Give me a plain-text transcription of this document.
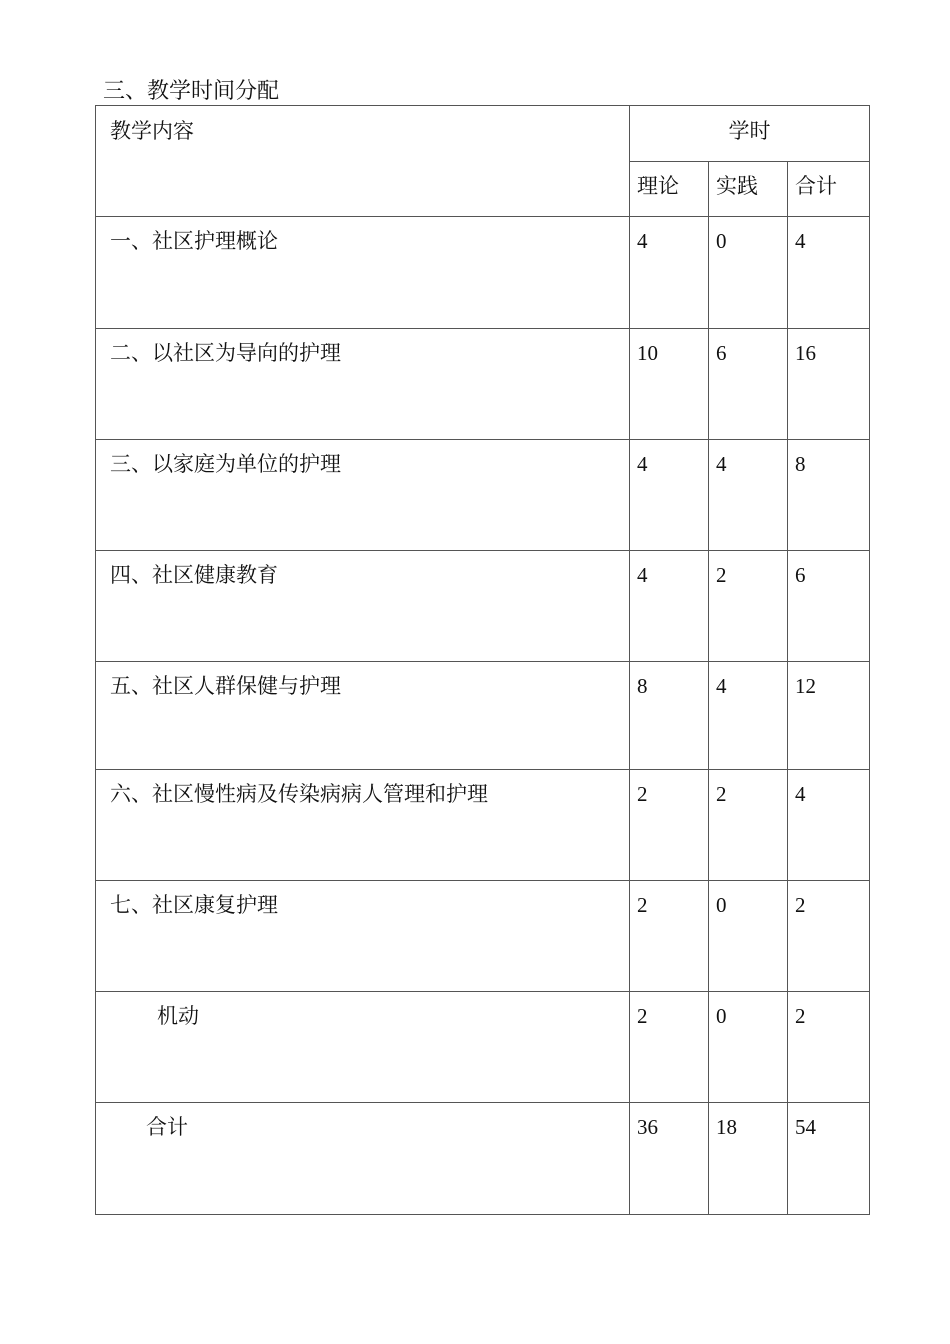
三、教学时间分配
教学内容	学时		
	理论	实践	合计
一、社区护理概论	4	0	4
二、以社区为导向的护理	10	6	16
三、以家庭为单位的护理	4	4	8
四、社区健康教育	4	2	6
五、社区人群保健与护理	8	4	12
六、社区慢性病及传染病病人管理和护理	2	2	4
七、社区康复护理	2	0	2
机动	2	0	2
合计	36	18	54
